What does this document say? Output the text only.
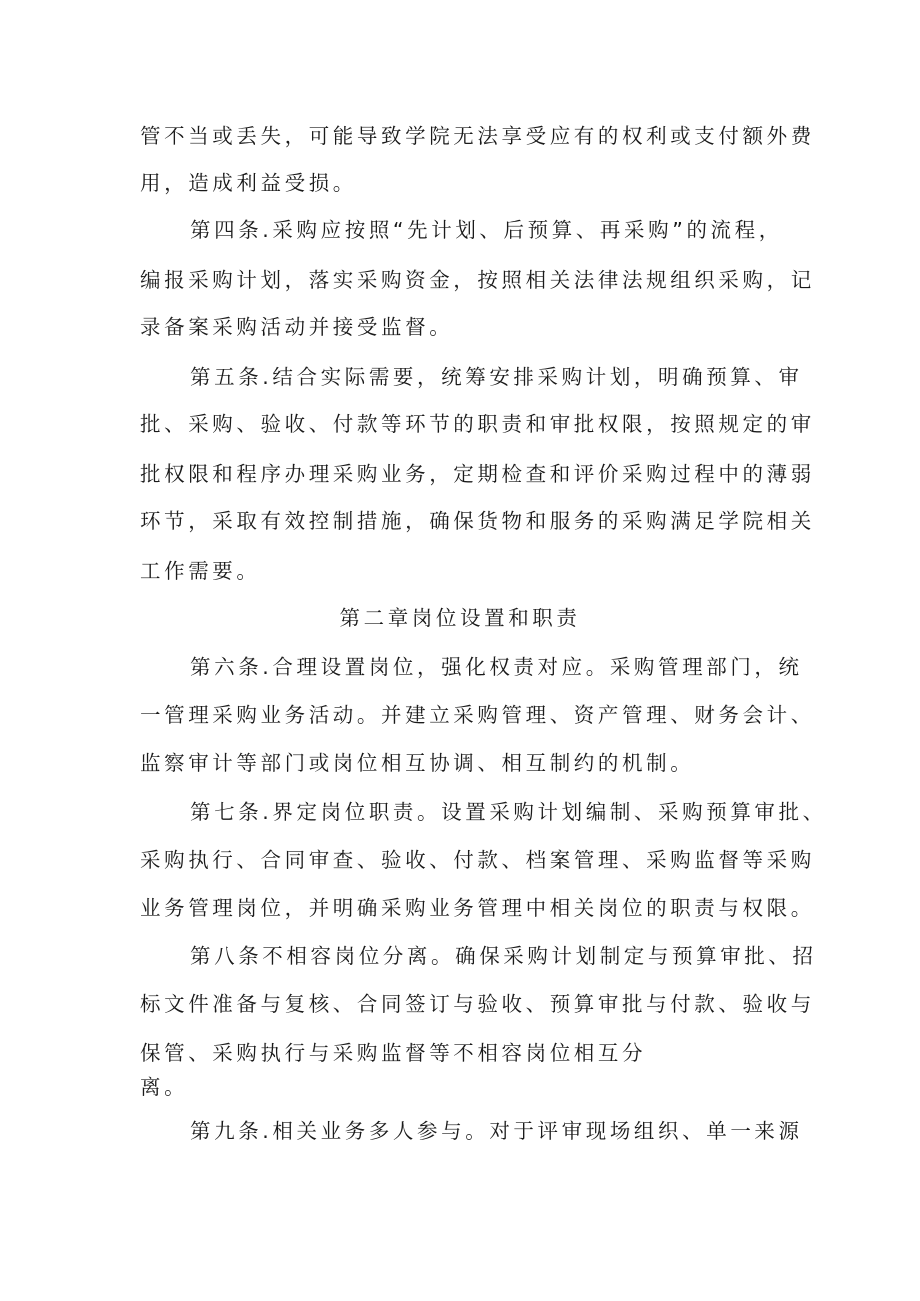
管不当或丢失，可能导致学院无法享受应有的权利或支付额外费
用，造成利益受损。
第四条.采购应按照“先计划、后预算、再采购”的流程，
编报采购计划，落实采购资金，按照相关法律法规组织采购，记
录备案采购活动并接受监督。
第五条.结合实际需要，统筹安排采购计划，明确预算、审
批、采购、验收、付款等环节的职责和审批权限，按照规定的审
批权限和程序办理采购业务，定期检查和评价采购过程中的薄弱
环节，采取有效控制措施，确保货物和服务的采购满足学院相关
工作需要。
第二章岗位设置和职责
第六条.合理设置岗位，强化权责对应。采购管理部门，统
一管理采购业务活动。并建立采购管理、资产管理、财务会计、
监察审计等部门或岗位相互协调、相互制约的机制。
第七条.界定岗位职责。设置采购计划编制、采购预算审批、
采购执行、合同审查、验收、付款、档案管理、采购监督等采购
业务管理岗位，并明确采购业务管理中相关岗位的职责与权限。
第八条不相容岗位分离。确保采购计划制定与预算审批、招
标文件准备与复核、合同签订与验收、预算审批与付款、验收与
保管、采购执行与采购监督等不相容岗位相互分
离。
第九条.相关业务多人参与。对于评审现场组织、单一来源
